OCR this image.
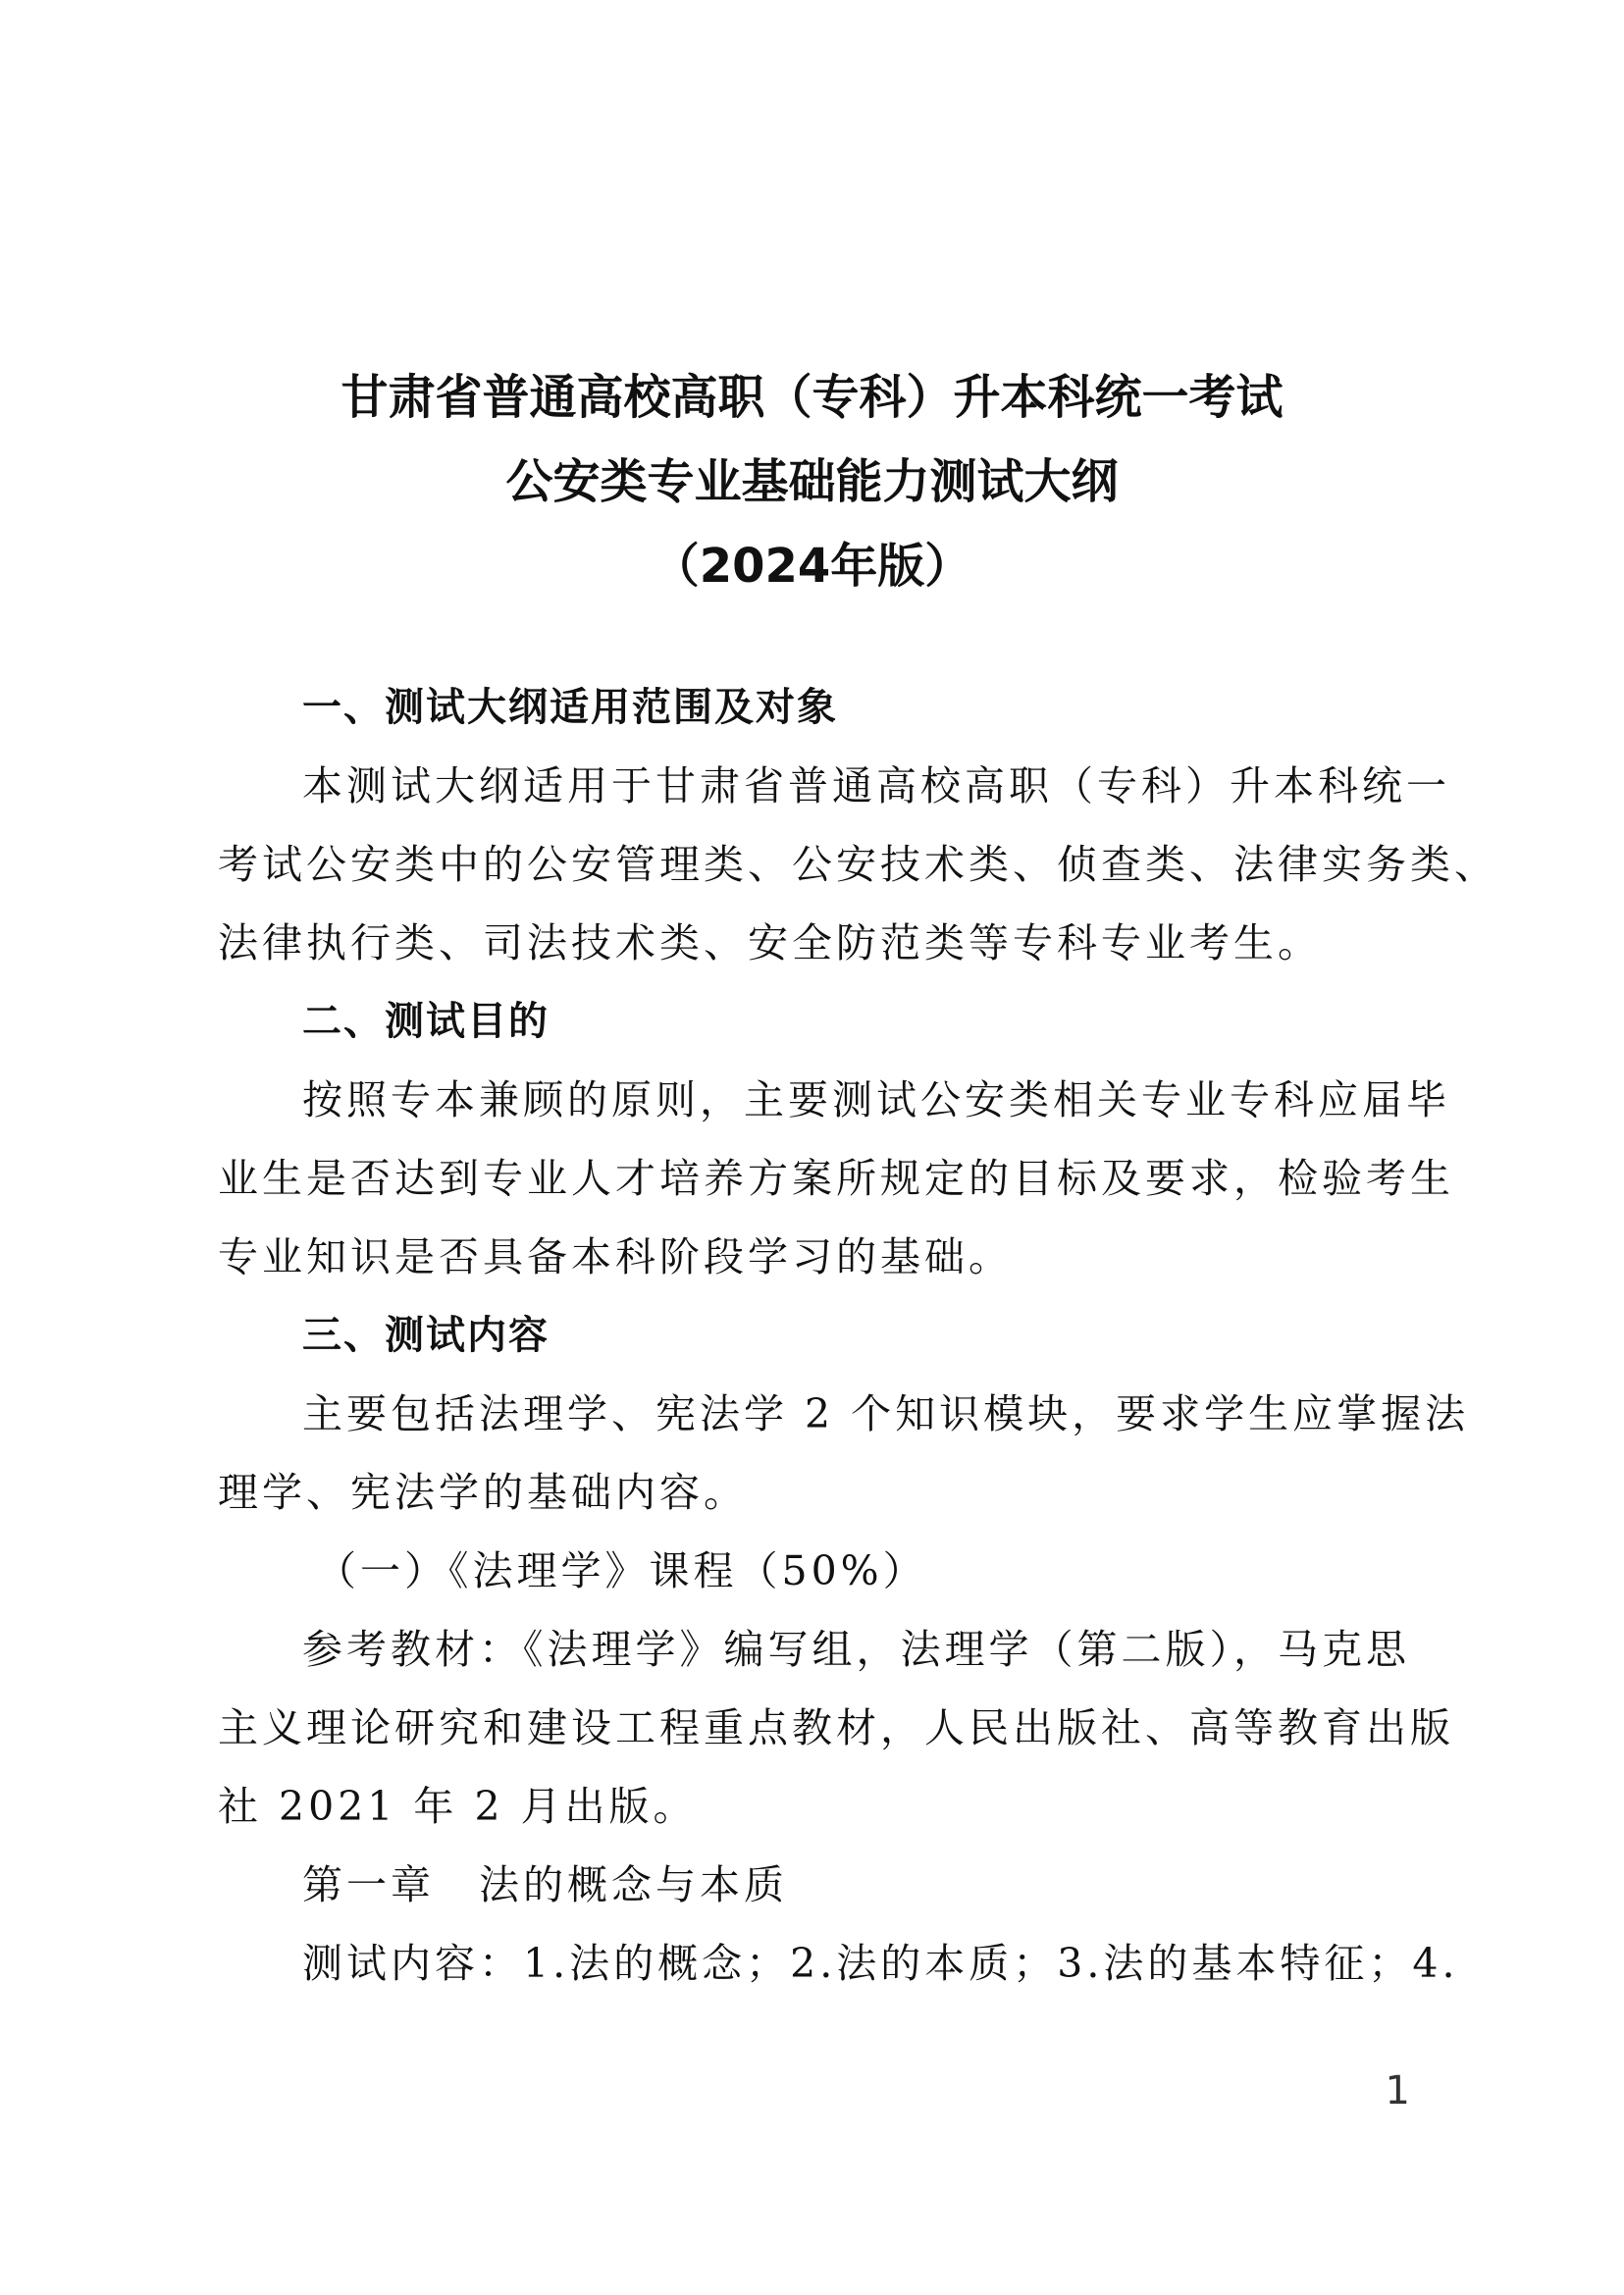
甘肃省普通高校高职（专科）升本科统一考试
公安类专业基础能力测试大纲
（2024年版）
一、测试大纲适用范围及对象
本测试大纲适用于甘肃省普通高校高职（专科）升本科统一
考试公安类中的公安管理类、公安技术类、侦查类、法律实务类、
法律执行类、司法技术类、安全防范类等专科专业考生。
二、测试目的
按照专本兼顾的原则，主要测试公安类相关专业专科应届毕
业生是否达到专业人才培养方案所规定的目标及要求，检验考生
专业知识是否具备本科阶段学习的基础。
三、测试内容
主要包括法理学、宪法学 2 个知识模块，要求学生应掌握法
理学、宪法学的基础内容。
（一）《法理学》课程（50%）
参考教材：《法理学》编写组，法理学（第二版），马克思
主义理论研究和建设工程重点教材，人民出版社、高等教育出版
社 2021 年 2 月出版。
第一章　法的概念与本质
测试内容：1.法的概念；2.法的本质；3.法的基本特征；4.
1
